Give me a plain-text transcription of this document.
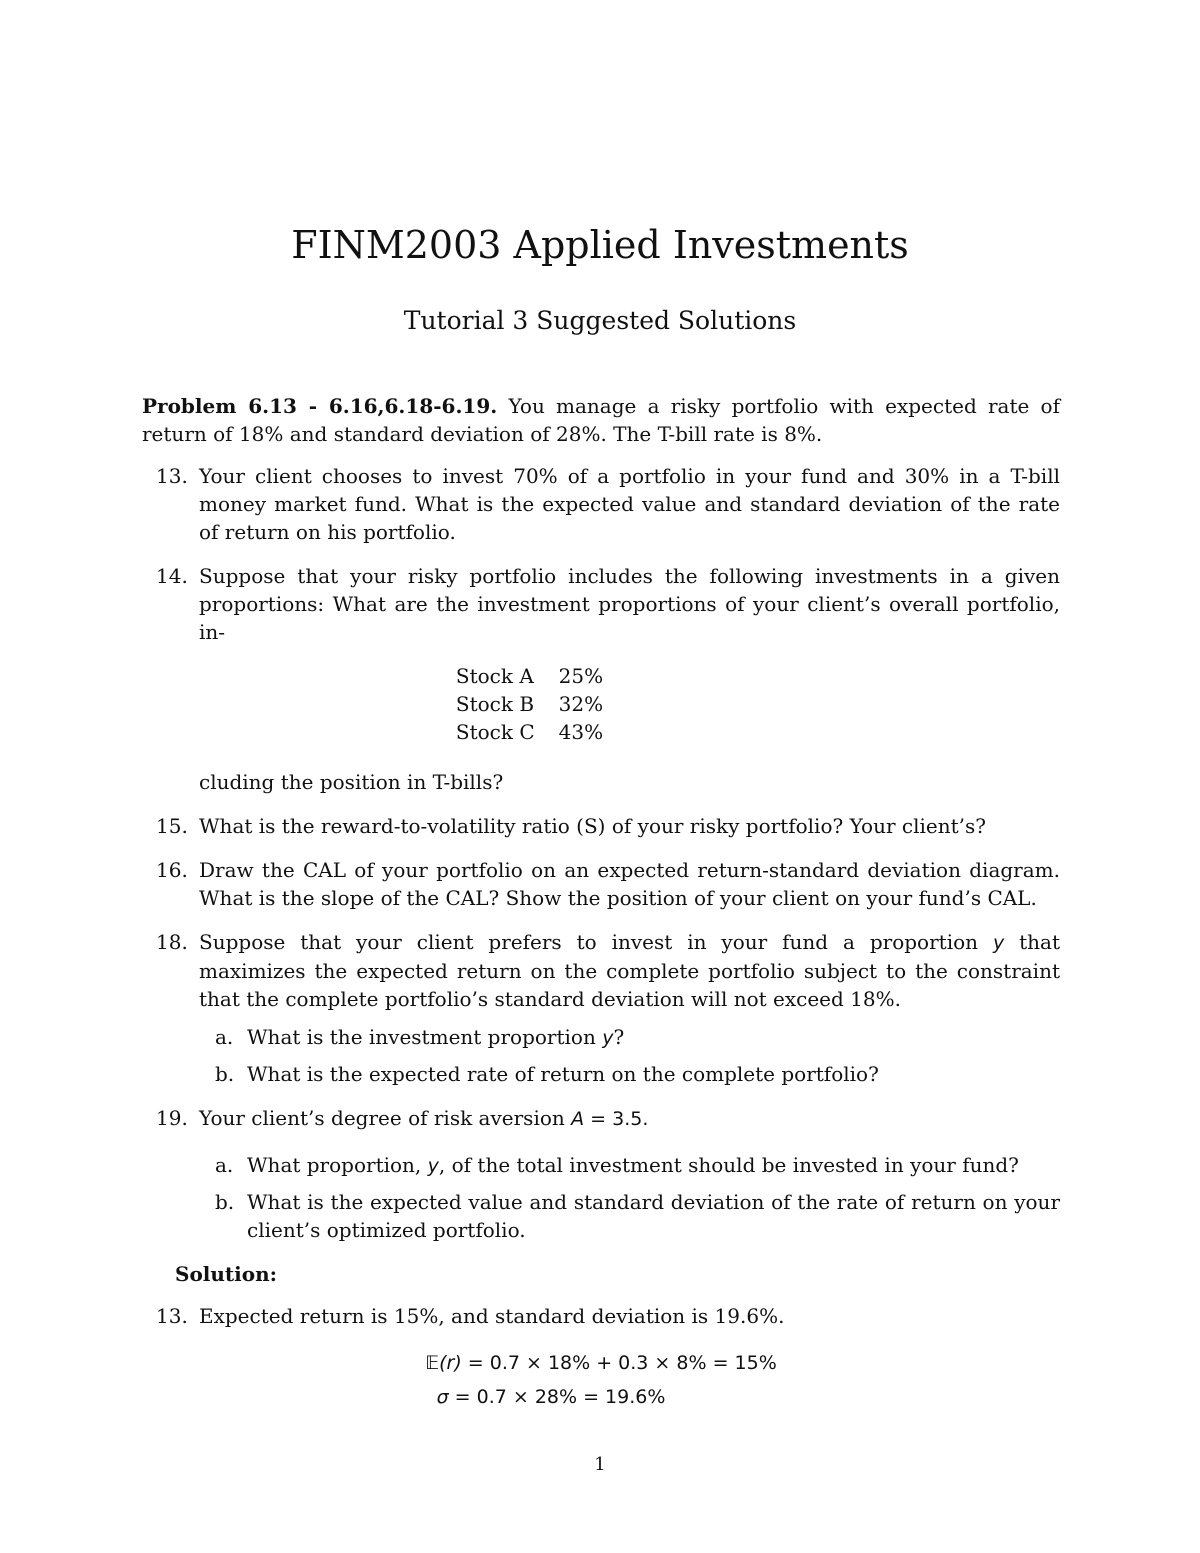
FINM2003 Applied Investments
Tutorial 3 Suggested Solutions

Problem 6.13 - 6.16,6.18-6.19. You manage a risky portfolio with expected rate of return of 18% and standard deviation of 28%. The T-bill rate is 8%.

13. Your client chooses to invest 70% of a portfolio in your fund and 30% in a T-bill money market fund. What is the expected value and standard deviation of the rate of return on his portfolio.
14. Suppose that your risky portfolio includes the following investments in a given proportions: What are the investment proportions of your client’s overall portfolio, in-
Stock A	25%
Stock B	32%
Stock C	43%
cluding the position in T-bills?
15. What is the reward-to-volatility ratio (S) of your risky portfolio? Your client’s?
16. Draw the CAL of your portfolio on an expected return-standard deviation diagram. What is the slope of the CAL? Show the position of your client on your fund’s CAL.
18. Suppose that your client prefers to invest in your fund a proportion y that maximizes the expected return on the complete portfolio subject to the constraint that the complete portfolio’s standard deviation will not exceed 18%.
a. What is the investment proportion y?
b. What is the expected rate of return on the complete portfolio?
19. Your client’s degree of risk aversion A = 3.5.
a. What proportion, y, of the total investment should be invested in your fund?
b. What is the expected value and standard deviation of the rate of return on your client’s optimized portfolio.
Solution:
13. Expected return is 15%, and standard deviation is 19.6%.
𝔼(r) = 0.7 × 18% + 0.3 × 8% = 15%
σ = 0.7 × 28% = 19.6%
1
